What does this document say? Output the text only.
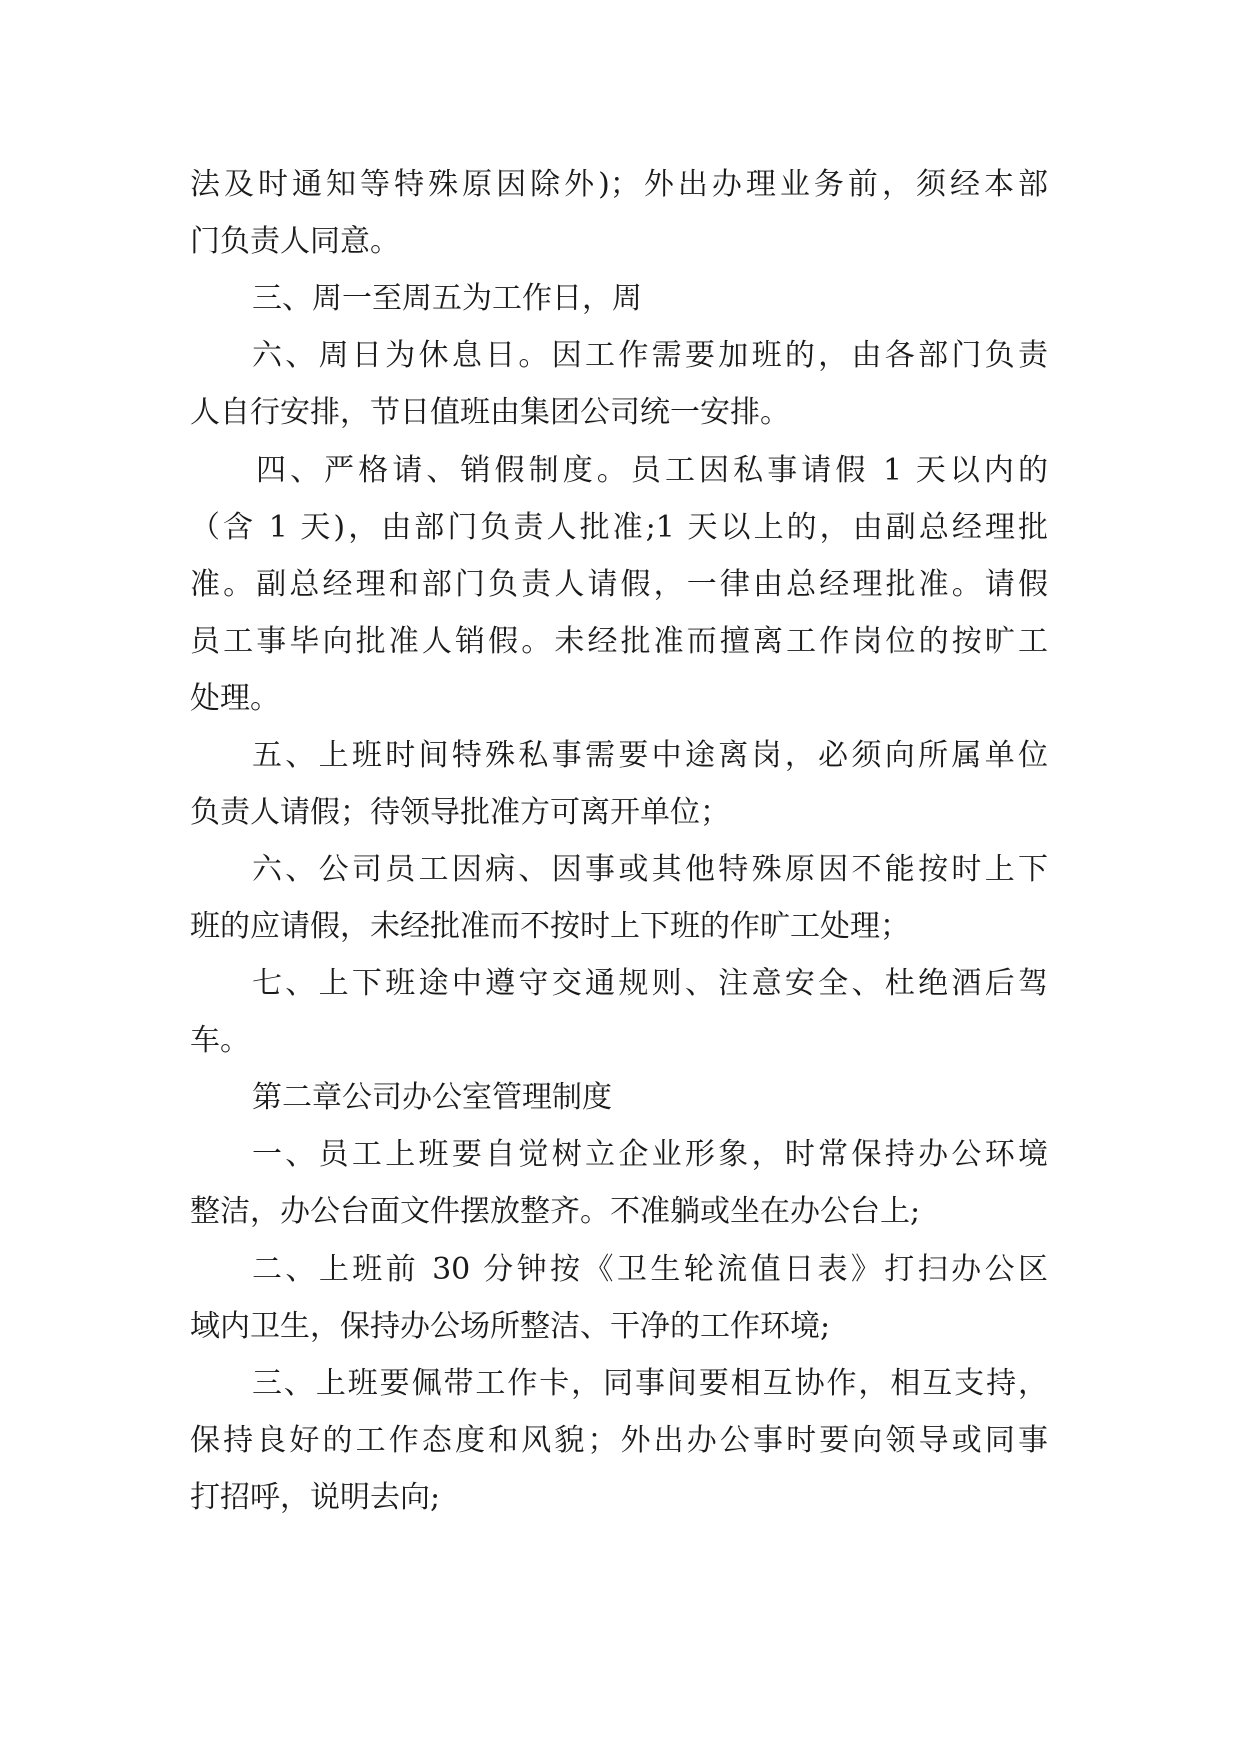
法及时通知等特殊原因除外)；外出办理业务前，须经本部
门负责人同意。
三、周一至周五为工作日，周
六、周日为休息日。因工作需要加班的，由各部门负责
人自行安排，节日值班由集团公司统一安排。
四、严格请、销假制度。员工因私事请假 1 天以内的
（含 1 天)，由部门负责人批准;1 天以上的，由副总经理批
准。副总经理和部门负责人请假，一律由总经理批准。请假
员工事毕向批准人销假。未经批准而擅离工作岗位的按旷工
处理。
五、上班时间特殊私事需要中途离岗，必须向所属单位
负责人请假；待领导批准方可离开单位；
六、公司员工因病、因事或其他特殊原因不能按时上下
班的应请假，未经批准而不按时上下班的作旷工处理；
七、上下班途中遵守交通规则、注意安全、杜绝酒后驾
车。
第二章公司办公室管理制度
一、员工上班要自觉树立企业形象，时常保持办公环境
整洁，办公台面文件摆放整齐。不准躺或坐在办公台上;
二、上班前 30 分钟按《卫生轮流值日表》打扫办公区
域内卫生，保持办公场所整洁、干净的工作环境;
三、上班要佩带工作卡，同事间要相互协作，相互支持，
保持良好的工作态度和风貌；外出办公事时要向领导或同事
打招呼，说明去向;
